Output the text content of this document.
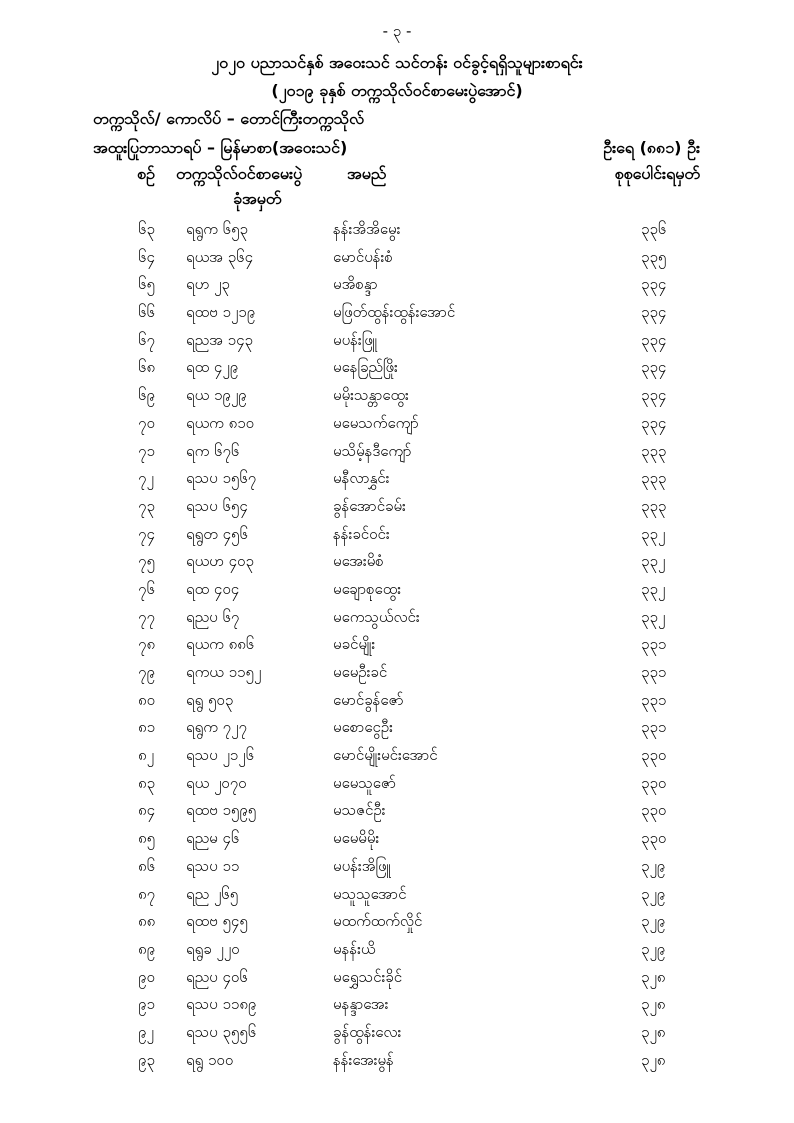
- ၃ -
၂၀၂၀ ပညာသင်နှစ် အဝေးသင် သင်တန်း ဝင်ခွင့်ရရှိသူများစာရင်း
(၂၀၁၉ ခုနှစ် တက္ကသိုလ်ဝင်စာမေးပွဲအောင်)
တက္ကသိုလ်/ ကောလိပ် – တောင်ကြီးတက္ကသိုလ်
အထူးပြုဘာသာရပ် – မြန်မာစာ(အဝေးသင်)	ဦးရေ (၈၈၁) ဦး
စဉ် တက္ကသိုလ်ဝင်စာမေးပွဲ	အမည်	စုစုပေါင်းရမှတ်
ခုံအမှတ်
၆၃ ရရွက ၆၅၃	နန်းအိအိမွေး	၃၃၆
၆၄ ရယအ ၃၆၄	မောင်ပန်းစံ	၃၃၅
၆၅ ရဟ ၂၃	မအိစန္ဒာ	၃၃၄
၆၆ ရထဗ ၁၂၁၉	မဖြတ်ထွန်းထွန်းအောင်	၃၃၄
၆၇ ရညအ ၁၄၃	မပန်းဖြူ	၃၃၄
၆၈ ရထ ၄၂၉	မနေခြည်ဖြိုး	၃၃၄
၆၉ ရယ ၁၉၂၉	မမိုးသန္တာထွေး	၃၃၄
၇၀ ရယက ၈၁၀	မမေသက်ကျော်	၃၃၄
၇၁ ရက ၆၇၆	မသိမ့်နဒီကျော်	၃၃၃
၇၂ ရသပ ၁၅၆၇	မနီလာနွှင်း	၃၃၃
၇၃ ရသပ ၆၅၄	ခွန်အောင်ခမ်း	၃၃၃
၇၄ ရရွတ ၄၅၆	နန်းခင်ဝင်း	၃၃၂
၇၅ ရယဟ ၄၀၃	မအေးမိစံ	၃၃၂
၇၆ ရထ ၄၀၄	မချောစုထွေး	၃၃၂
၇၇ ရညပ ၆၇	မကေသွယ်လင်း	၃၃၂
၇၈ ရယက ၈၈၆	မခင်မျိုး	၃၃၁
၇၉ ရကယ ၁၁၅၂	မမေဦးခင်	၃၃၁
၈၀ ရရွ ၅၀၃	မောင်ခွန်ဇော်	၃၃၁
၈၁ ရရွက ၇၂၇	မစောငွေဦး	၃၃၁
၈၂ ရသပ ၂၁၂၆	မောင်မျိုးမင်းအောင်	၃၃၀
၈၃ ရယ ၂၀၇၀	မမေသူဇော်	၃၃၀
၈၄ ရထဗ ၁၅၉၅	မသဇင်ဦး	၃၃၀
၈၅ ရညမ ၄၆	မမေမိမိုး	၃၃၀
၈၆ ရသပ ၁၁	မပန်းအိဖြူ	၃၂၉
၈၇ ရည ၂၆၅	မသူသူအောင်	၃၂၉
၈၈ ရထဗ ၅၄၅	မထက်ထက်လှိုင်	၃၂၉
၈၉ ရရွခ ၂၂၀	မနန်းယိ	၃၂၉
၉၀ ရညပ ၄၀၆	မရွှေသင်းခိုင်	၃၂၈
၉၁ ရသပ ၁၁၈၉	မနန္ဒာအေး	၃၂၈
၉၂ ရသပ ၃၅၅၆	ခွန်ထွန်းလေး	၃၂၈
၉၃ ရရွ ၁၀၀	နန်းအေးမွန်	၃၂၈
